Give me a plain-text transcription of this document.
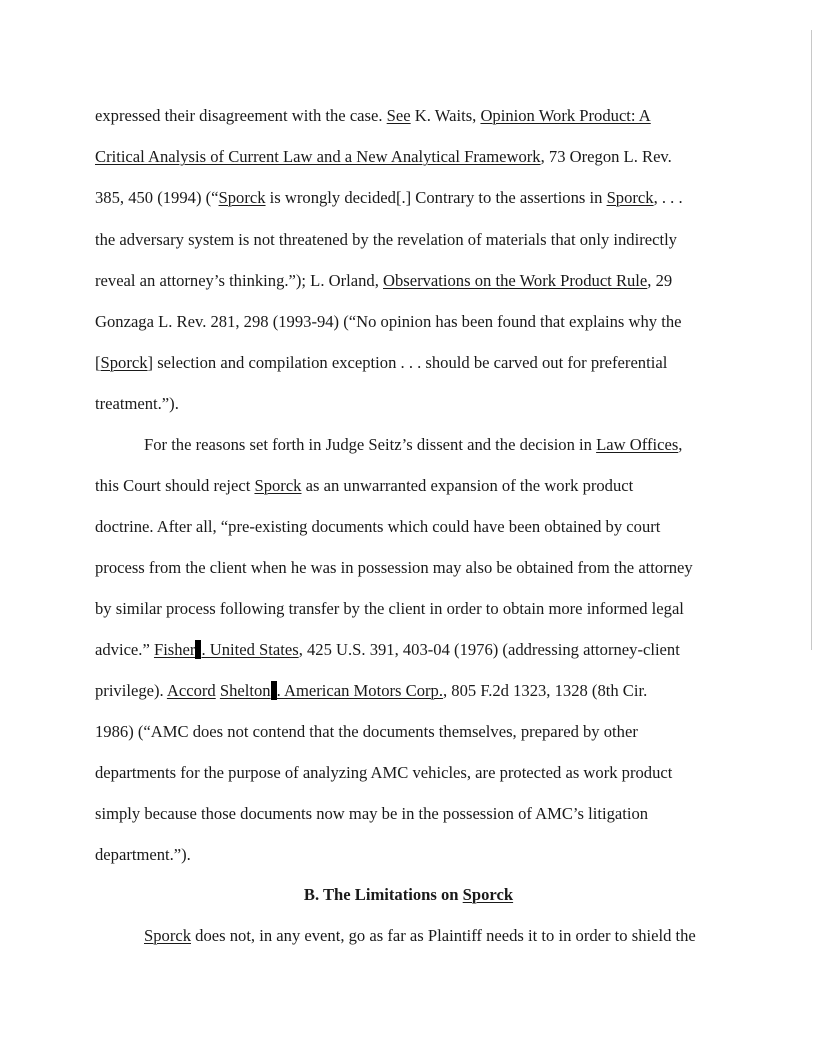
expressed their disagreement with the case. See K. Waits, Opinion Work Product: A
Critical Analysis of Current Law and a New Analytical Framework, 73 Oregon L. Rev.
385, 450 (1994) (“Sporck is wrongly decided[.] Contrary to the assertions in Sporck, . . .
the adversary system is not threatened by the revelation of materials that only indirectly
reveal an attorney’s thinking.”); L. Orland, Observations on the Work Product Rule, 29
Gonzaga L. Rev. 281, 298 (1993-94) (“No opinion has been found that explains why the
[Sporck] selection and compilation exception . . . should be carved out for preferential
treatment.”).
For the reasons set forth in Judge Seitz’s dissent and the decision in Law Offices,
this Court should reject Sporck as an unwarranted expansion of the work product
doctrine. After all, “pre-existing documents which could have been obtained by court
process from the client when he was in possession may also be obtained from the attorney
by similar process following transfer by the client in order to obtain more informed legal
advice.” Fisher . United States, 425 U.S. 391, 403-04 (1976) (addressing attorney-client
privilege). Accord Shelton . American Motors Corp., 805 F.2d 1323, 1328 (8th Cir.
1986) (“AMC does not contend that the documents themselves, prepared by other
departments for the purpose of analyzing AMC vehicles, are protected as work product
simply because those documents now may be in the possession of AMC’s litigation
department.”).
B. The Limitations on Sporck
Sporck does not, in any event, go as far as Plaintiff needs it to in order to shield the
